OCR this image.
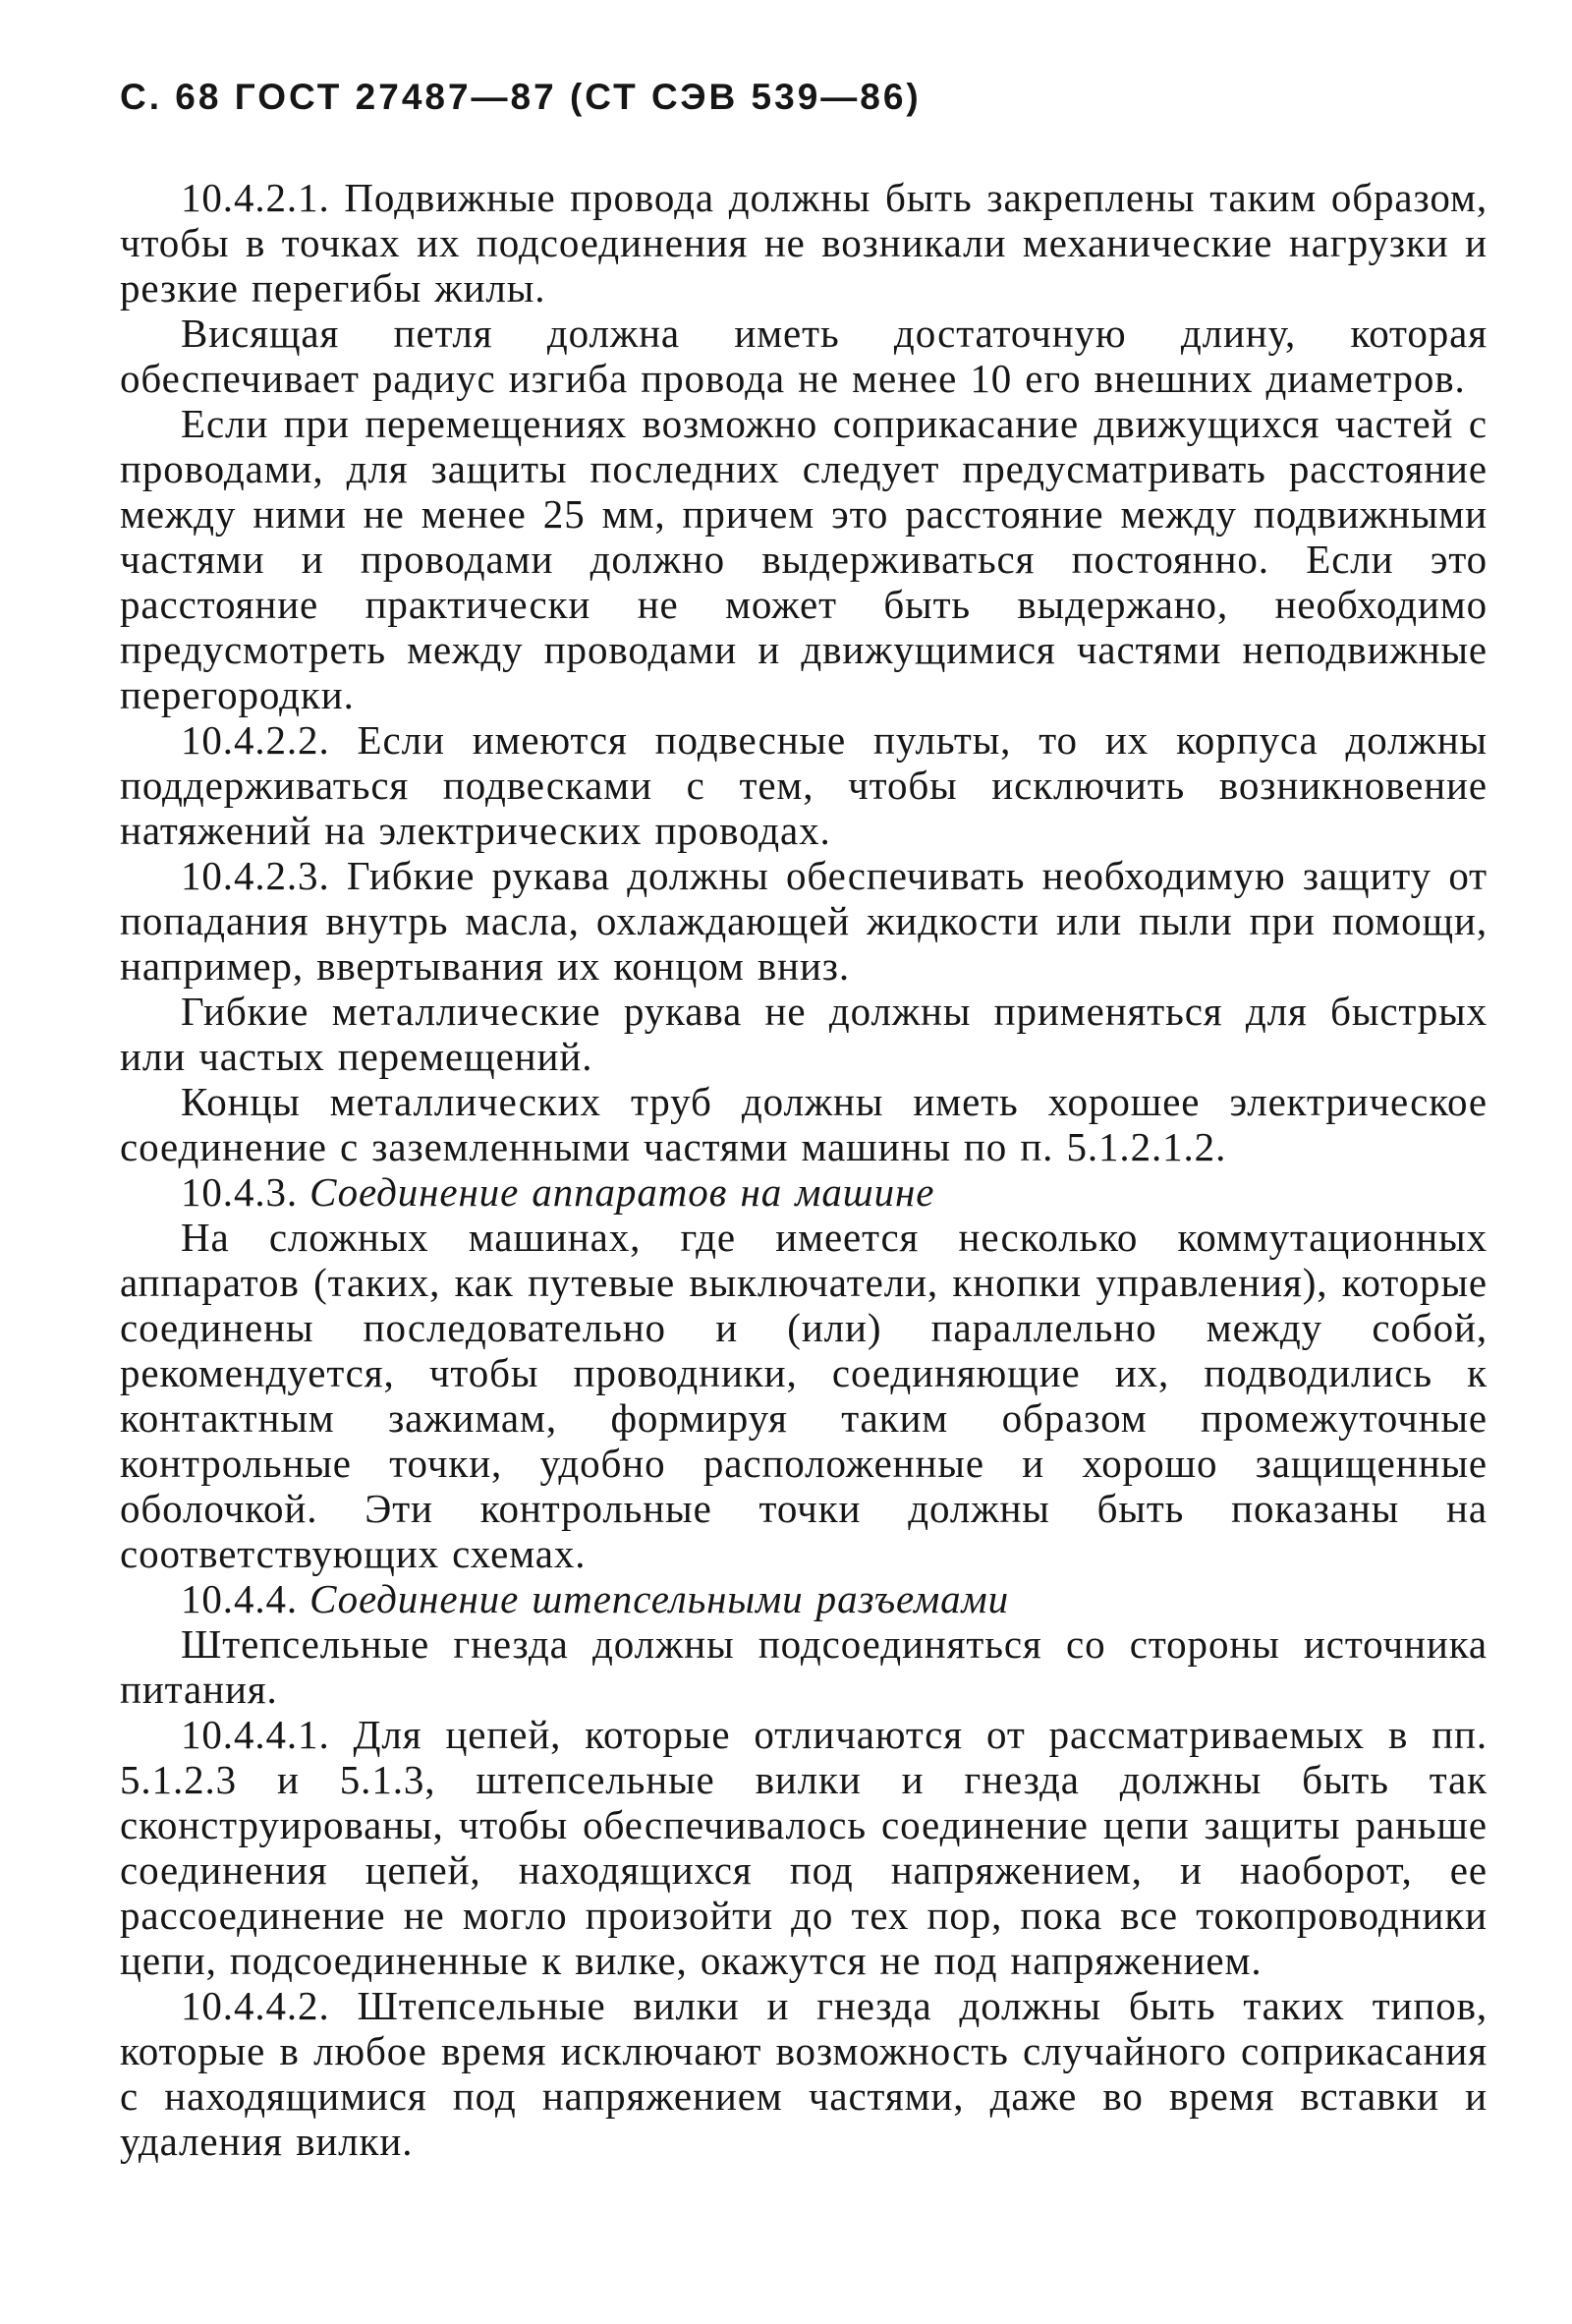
С. 68 ГОСТ 27487—87 (СТ СЭВ 539—86)

10.4.2.1. Подвижные провода должны быть закреплены таким образом, чтобы в точках их подсоединения не возникали механические нагрузки и резкие перегибы жилы.

Висящая петля должна иметь достаточную длину, которая обеспечивает радиус изгиба провода не менее 10 его внешних диаметров.

Если при перемещениях возможно соприкасание движущихся частей с проводами, для защиты последних следует предусматривать расстояние между ними не менее 25 мм, причем это расстояние между подвижными частями и проводами должно выдерживаться постоянно. Если это расстояние практически не может быть выдержано, необходимо предусмотреть между проводами и движущимися частями неподвижные перегородки.

10.4.2.2. Если имеются подвесные пульты, то их корпуса должны поддерживаться подвесками с тем, чтобы исключить возникновение натяжений на электрических проводах.

10.4.2.3. Гибкие рукава должны обеспечивать необходимую защиту от попадания внутрь масла, охлаждающей жидкости или пыли при помощи, например, ввертывания их концом вниз.

Гибкие металлические рукава не должны применяться для быстрых или частых перемещений.

Концы металлических труб должны иметь хорошее электрическое соединение с заземленными частями машины по п. 5.1.2.1.2.

10.4.3. Соединение аппаратов на машине

На сложных машинах, где имеется несколько коммутационных аппаратов (таких, как путевые выключатели, кнопки управления), которые соединены последовательно и (или) параллельно между собой, рекомендуется, чтобы проводники, соединяющие их, подводились к контактным зажимам, формируя таким образом промежуточные контрольные точки, удобно расположенные и хорошо защищенные оболочкой. Эти контрольные точки должны быть показаны на соответствующих схемах.

10.4.4. Соединение штепсельными разъемами

Штепсельные гнезда должны подсоединяться со стороны источника питания.

10.4.4.1. Для цепей, которые отличаются от рассматриваемых в пп. 5.1.2.3 и 5.1.3, штепсельные вилки и гнезда должны быть так сконструированы, чтобы обеспечивалось соединение цепи защиты раньше соединения цепей, находящихся под напряжением, и наоборот, ее рассоединение не могло произойти до тех пор, пока все токопроводники цепи, подсоединенные к вилке, окажутся не под напряжением.

10.4.4.2. Штепсельные вилки и гнезда должны быть таких типов, которые в любое время исключают возможность случайного соприкасания с находящимися под напряжением частями, даже во время вставки и удаления вилки.
